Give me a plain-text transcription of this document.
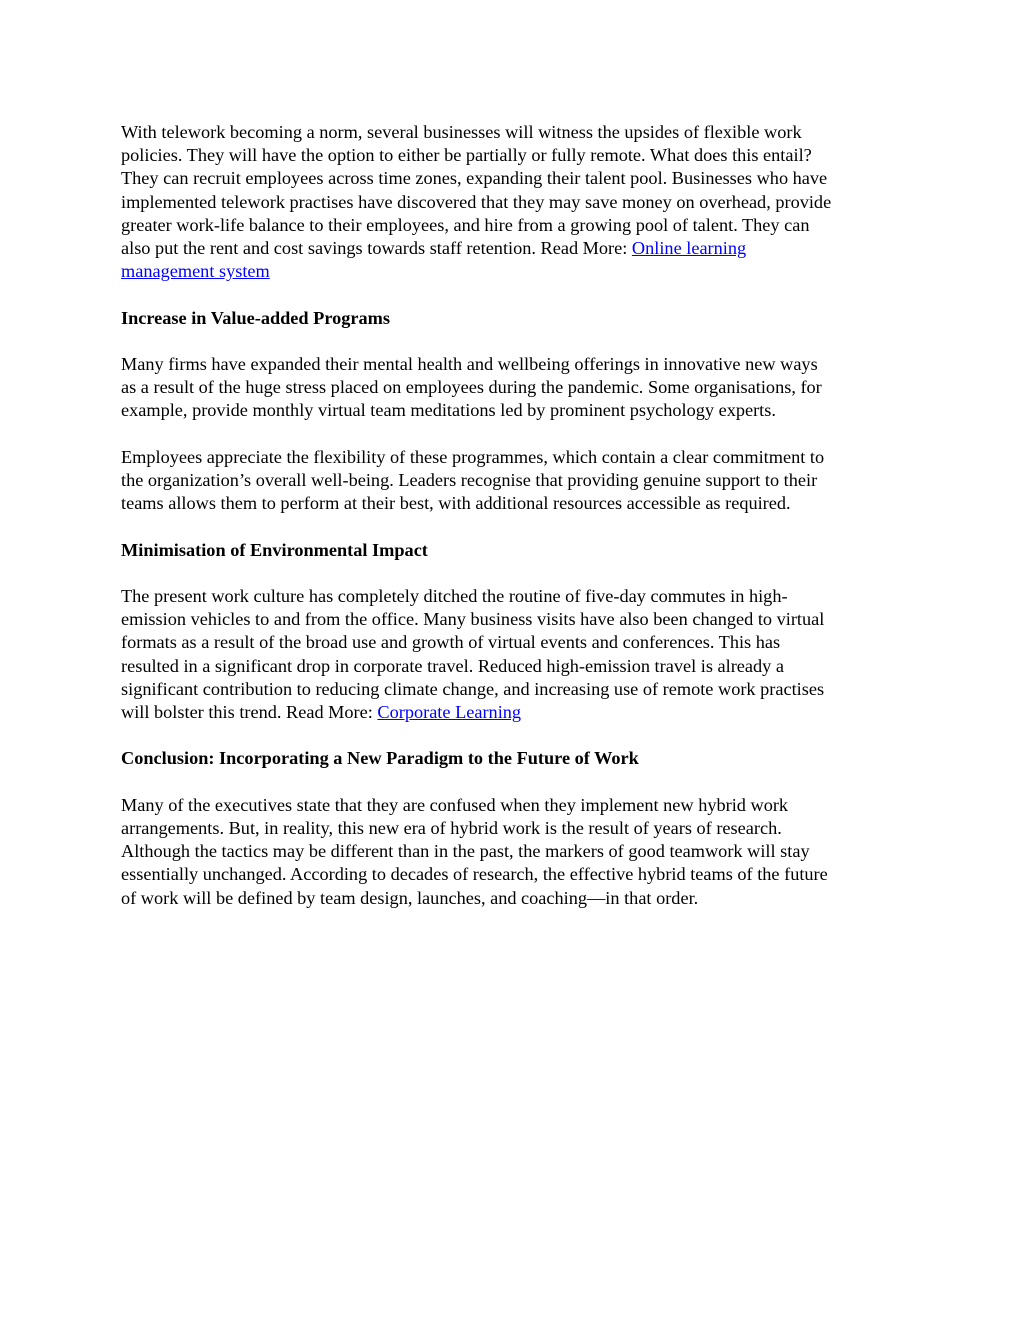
With telework becoming a norm, several businesses will witness the upsides of flexible work
policies. They will have the option to either be partially or fully remote. What does this entail?
They can recruit employees across time zones, expanding their talent pool. Businesses who have
implemented telework practises have discovered that they may save money on overhead, provide
greater work-life balance to their employees, and hire from a growing pool of talent. They can
also put the rent and cost savings towards staff retention. Read More: Online learning
management system

Increase in Value-added Programs

Many firms have expanded their mental health and wellbeing offerings in innovative new ways
as a result of the huge stress placed on employees during the pandemic. Some organisations, for
example, provide monthly virtual team meditations led by prominent psychology experts.

Employees appreciate the flexibility of these programmes, which contain a clear commitment to
the organization’s overall well-being. Leaders recognise that providing genuine support to their
teams allows them to perform at their best, with additional resources accessible as required.

Minimisation of Environmental Impact

The present work culture has completely ditched the routine of five-day commutes in high-
emission vehicles to and from the office. Many business visits have also been changed to virtual
formats as a result of the broad use and growth of virtual events and conferences. This has
resulted in a significant drop in corporate travel. Reduced high-emission travel is already a
significant contribution to reducing climate change, and increasing use of remote work practises
will bolster this trend. Read More: Corporate Learning

Conclusion: Incorporating a New Paradigm to the Future of Work

Many of the executives state that they are confused when they implement new hybrid work
arrangements. But, in reality, this new era of hybrid work is the result of years of research.
Although the tactics may be different than in the past, the markers of good teamwork will stay
essentially unchanged. According to decades of research, the effective hybrid teams of the future
of work will be defined by team design, launches, and coaching—in that order.
